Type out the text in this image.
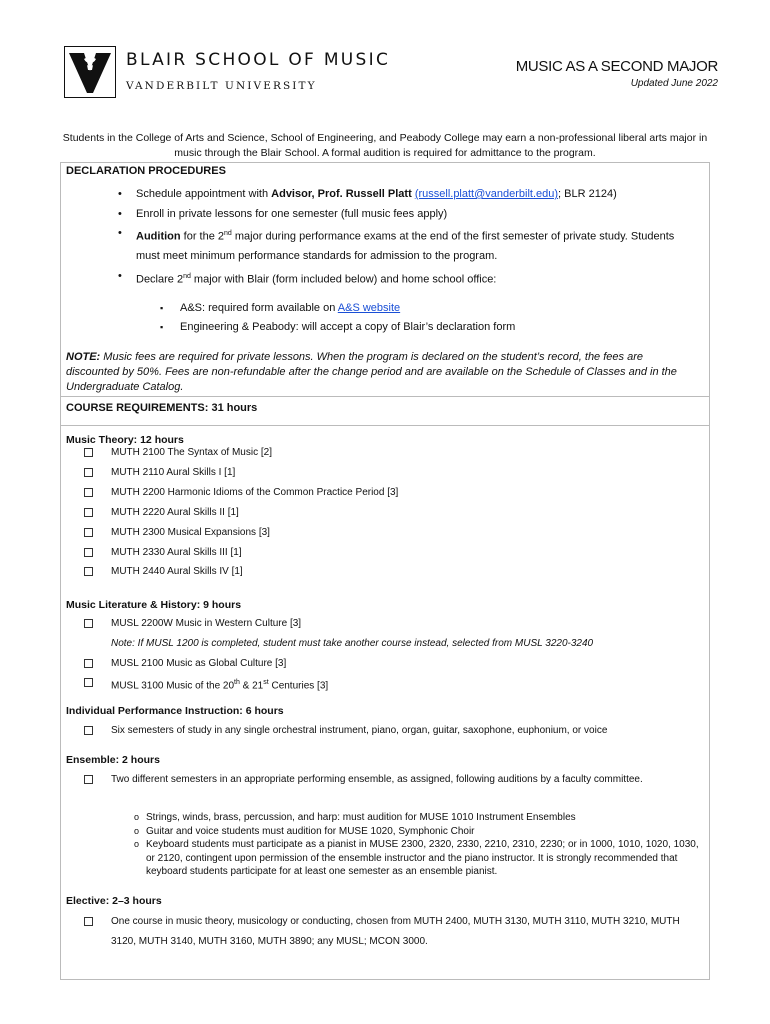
BLAIR SCHOOL OF MUSIC
VANDERBILT UNIVERSITY
MUSIC AS A SECOND MAJOR
Updated June 2022
Students in the College of Arts and Science, School of Engineering, and Peabody College may earn a non-professional liberal arts major in music through the Blair School. A formal audition is required for admittance to the program.
DECLARATION PROCEDURES
• Schedule appointment with Advisor, Prof. Russell Platt (russell.platt@vanderbilt.edu); BLR 2124)
• Enroll in private lessons for one semester (full music fees apply)
• Audition for the 2nd major during performance exams at the end of the first semester of private study. Students must meet minimum performance standards for admission to the program.
• Declare 2nd major with Blair (form included below) and home school office:
▪ A&S: required form available on A&S website
▪ Engineering & Peabody: will accept a copy of Blair’s declaration form
NOTE: Music fees are required for private lessons. When the program is declared on the student’s record, the fees are discounted by 50%. Fees are non-refundable after the change period and are available on the Schedule of Classes and in the Undergraduate Catalog.
COURSE REQUIREMENTS: 31 hours
Music Theory: 12 hours
MUTH 2100 The Syntax of Music [2]
MUTH 2110 Aural Skills I [1]
MUTH 2200 Harmonic Idioms of the Common Practice Period [3]
MUTH 2220 Aural Skills II [1]
MUTH 2300 Musical Expansions [3]
MUTH 2330 Aural Skills III [1]
MUTH 2440 Aural Skills IV [1]
Music Literature & History: 9 hours
MUSL 2200W Music in Western Culture [3]
Note: If MUSL 1200 is completed, student must take another course instead, selected from MUSL 3220-3240
MUSL 2100 Music as Global Culture [3]
MUSL 3100 Music of the 20th & 21st Centuries [3]
Individual Performance Instruction: 6 hours
Six semesters of study in any single orchestral instrument, piano, organ, guitar, saxophone, euphonium, or voice
Ensemble: 2 hours
Two different semesters in an appropriate performing ensemble, as assigned, following auditions by a faculty committee.
o Strings, winds, brass, percussion, and harp: must audition for MUSE 1010 Instrument Ensembles
o Guitar and voice students must audition for MUSE 1020, Symphonic Choir
o Keyboard students must participate as a pianist in MUSE 2300, 2320, 2330, 2210, 2310, 2230; or in 1000, 1010, 1020, 1030, or 2120, contingent upon permission of the ensemble instructor and the piano instructor. It is strongly recommended that keyboard students participate for at least one semester as an ensemble pianist.
Elective: 2–3 hours
One course in music theory, musicology or conducting, chosen from MUTH 2400, MUTH 3130, MUTH 3110, MUTH 3210, MUTH 3120, MUTH 3140, MUTH 3160, MUTH 3890; any MUSL; MCON 3000.
